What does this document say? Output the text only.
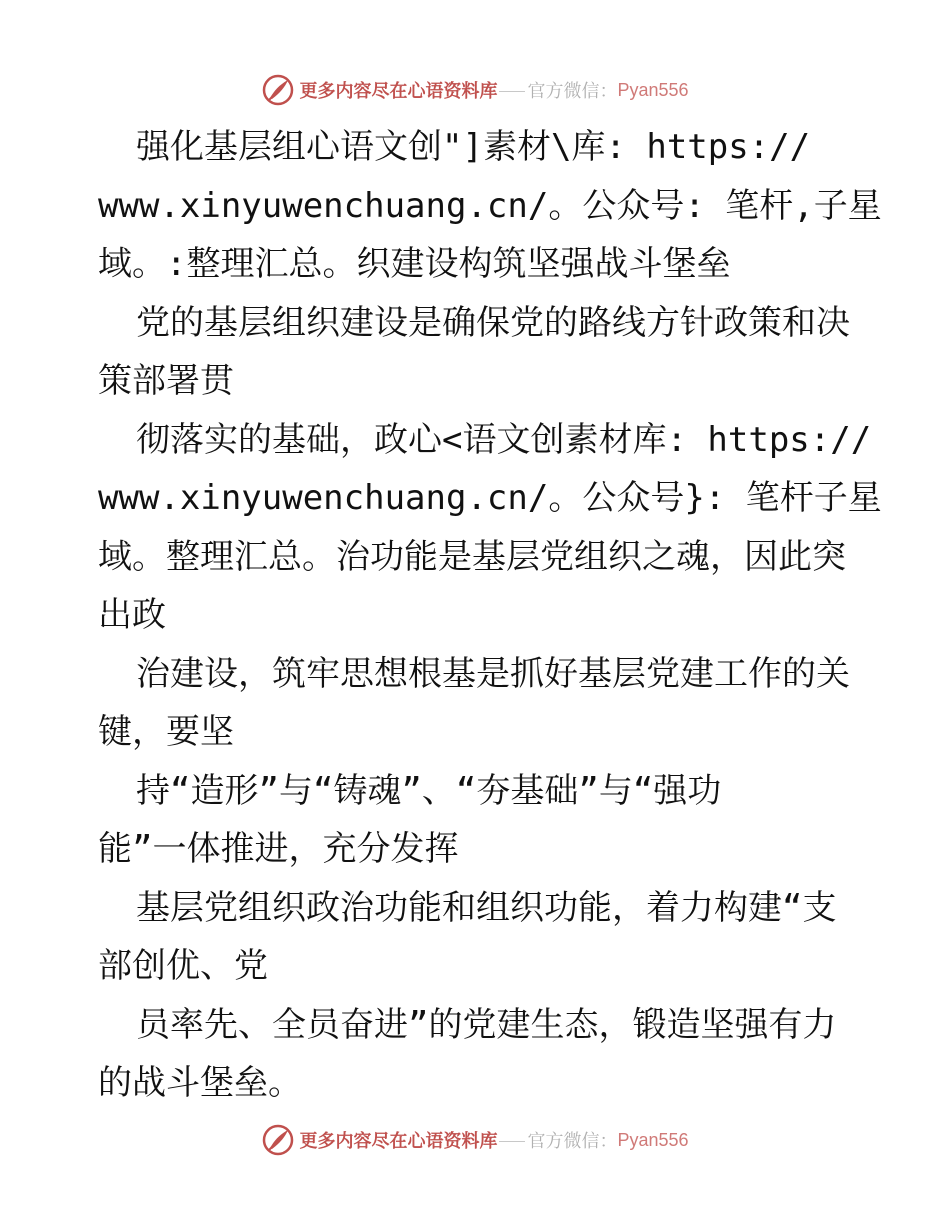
更多内容尽在心语资料库 官方微信： Pyan556
强化基层组心语文创"]素材\库: https://
www.xinyuwenchuang.cn/。公众号: 笔杆,子星
域。:整理汇总。织建设构筑坚强战斗堡垒
党的基层组织建设是确保党的路线方针政策和决
策部署贯
彻落实的基础，政心<语文创素材库: https://
www.xinyuwenchuang.cn/。公众号}: 笔杆子星
域。整理汇总。治功能是基层党组织之魂，因此突
出政
治建设，筑牢思想根基是抓好基层党建工作的关
键，要坚
持“造形”与“铸魂”、“夯基础”与“强功
能”一体推进，充分发挥
基层党组织政治功能和组织功能，着力构建“支
部创优、党
员率先、全员奋进”的党建生态，锻造坚强有力
的战斗堡垒。
更多内容尽在心语资料库 官方微信： Pyan556
